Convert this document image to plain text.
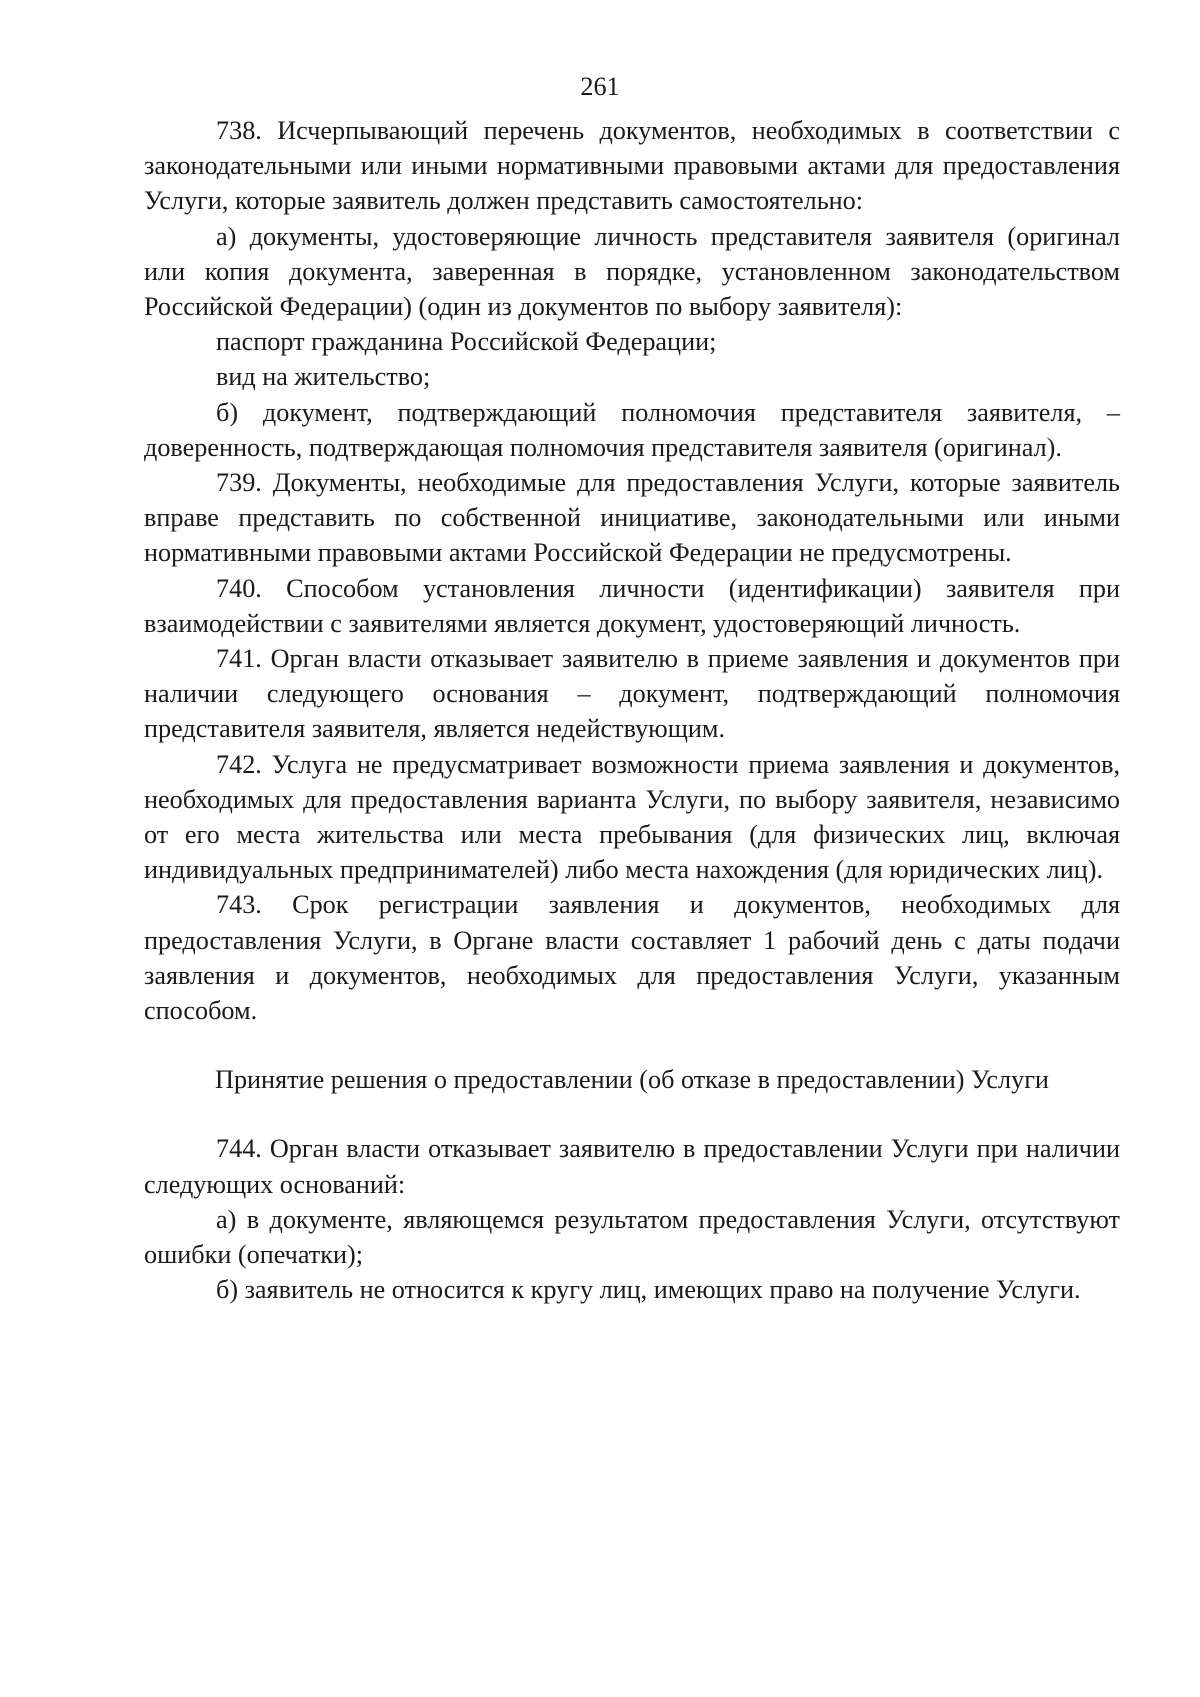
261

738. Исчерпывающий перечень документов, необходимых в соответствии с законодательными или иными нормативными правовыми актами для предоставления Услуги, которые заявитель должен представить самостоятельно:

а) документы, удостоверяющие личность представителя заявителя (оригинал или копия документа, заверенная в порядке, установленном законодательством Российской Федерации) (один из документов по выбору заявителя):

паспорт гражданина Российской Федерации;

вид на жительство;

б) документ, подтверждающий полномочия представителя заявителя, – доверенность, подтверждающая полномочия представителя заявителя (оригинал).

739. Документы, необходимые для предоставления Услуги, которые заявитель вправе представить по собственной инициативе, законодательными или иными нормативными правовыми актами Российской Федерации не предусмотрены.

740. Способом установления личности (идентификации) заявителя при взаимодействии с заявителями является документ, удостоверяющий личность.

741. Орган власти отказывает заявителю в приеме заявления и документов при наличии следующего основания – документ, подтверждающий полномочия представителя заявителя, является недействующим.

742. Услуга не предусматривает возможности приема заявления и документов, необходимых для предоставления варианта Услуги, по выбору заявителя, независимо от его места жительства или места пребывания (для физических лиц, включая индивидуальных предпринимателей) либо места нахождения (для юридических лиц).

743. Срок регистрации заявления и документов, необходимых для предоставления Услуги, в Органе власти составляет 1 рабочий день с даты подачи заявления и документов, необходимых для предоставления Услуги, указанным способом.

Принятие решения о предоставлении (об отказе в предоставлении) Услуги

744. Орган власти отказывает заявителю в предоставлении Услуги при наличии следующих оснований:

а) в документе, являющемся результатом предоставления Услуги, отсутствуют ошибки (опечатки);

б) заявитель не относится к кругу лиц, имеющих право на получение Услуги.
